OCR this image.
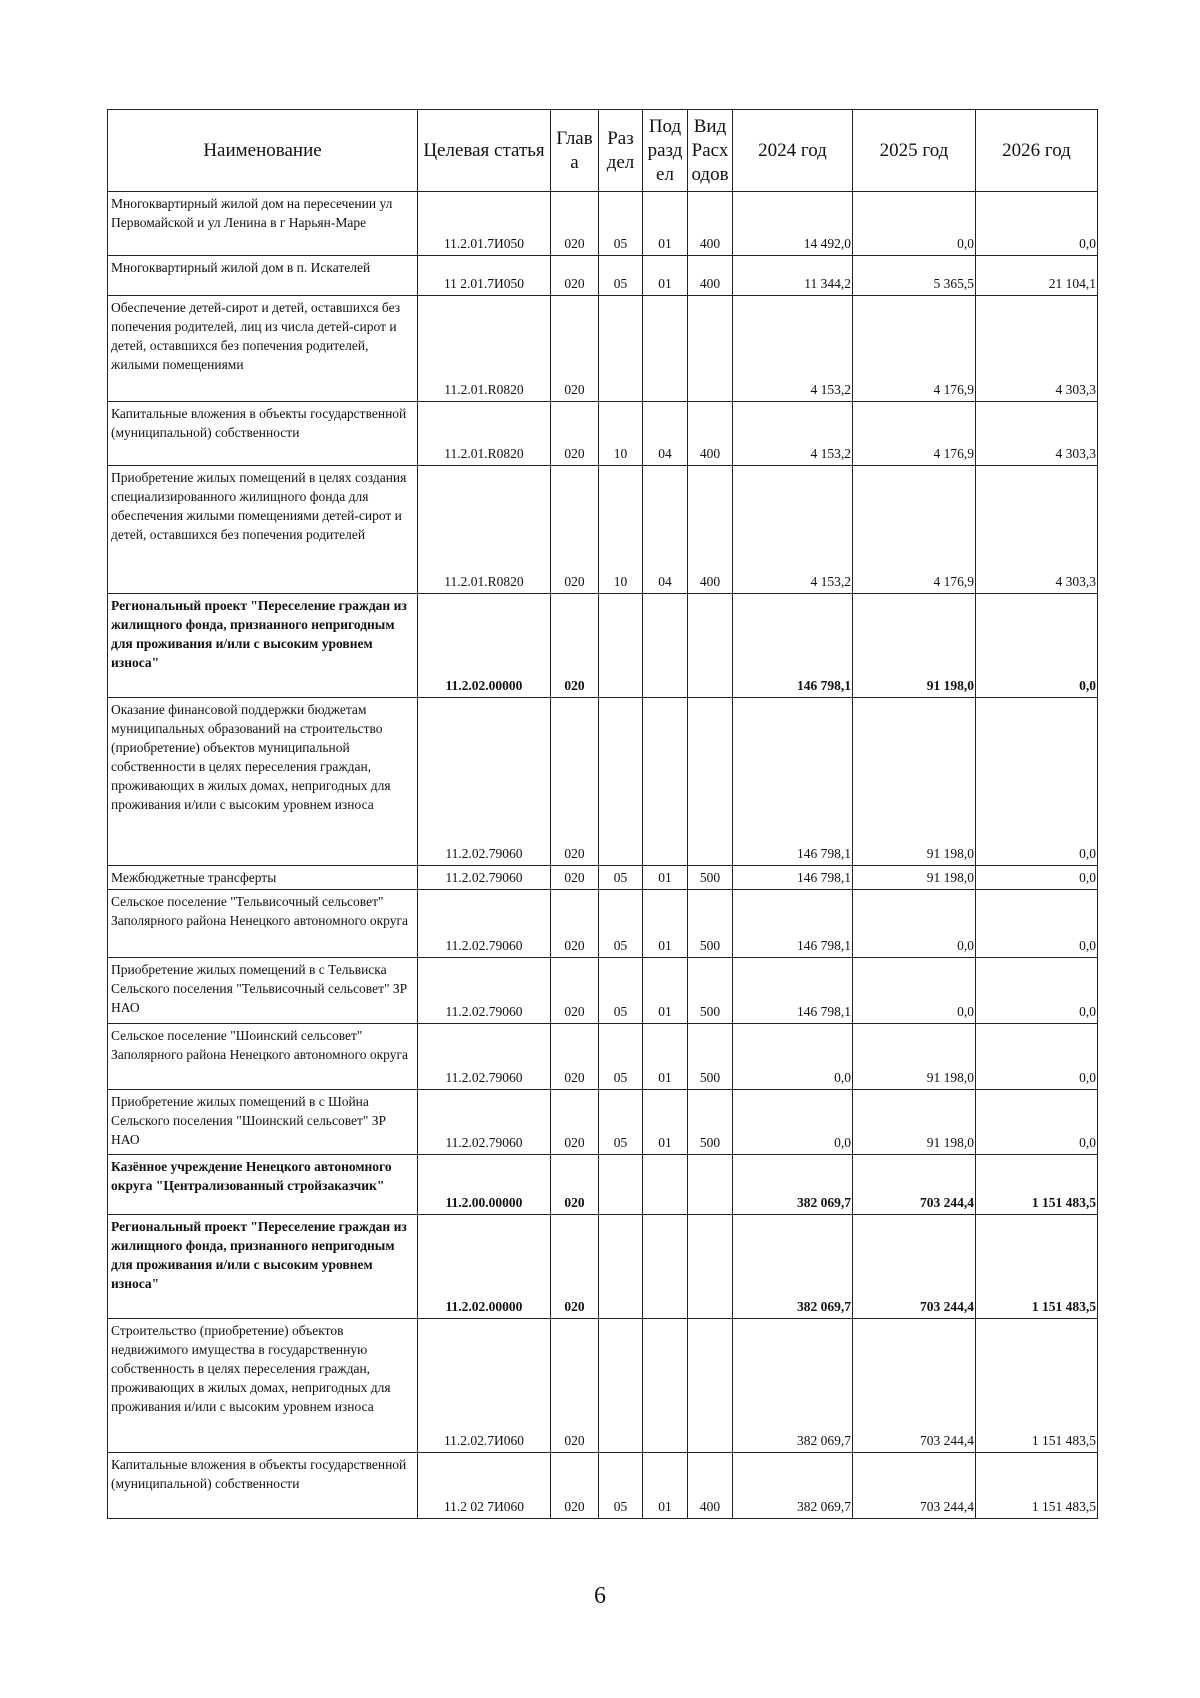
Наименование	Целевая статья	Глав а	Раз дел	Под разд ел	Вид Расх одов	2024 год	2025 год	2026 год
Многоквартирный жилой дом на пересечении ул Первомайской и ул Ленина в г Нарьян-Маре	11.2.01.7И050	020	05	01	400	14 492,0	0,0	0,0
Многоквартирный жилой дом в п. Искателей	11 2.01.7И050	020	05	01	400	11 344,2	5 365,5	21 104,1
Обеспечение детей-сирот и детей, оставшихся без попечения родителей, лиц из числа детей-сирот и детей, оставшихся без попечения родителей, жилыми помещениями	11.2.01.R0820	020				4 153,2	4 176,9	4 303,3
Капитальные вложения в объекты государственной (муниципальной) собственности	11.2.01.R0820	020	10	04	400	4 153,2	4 176,9	4 303,3
Приобретение жилых помещений в целях создания специализированного жилищного фонда для обеспечения жилыми помещениями детей-сирот и детей, оставшихся без попечения родителей	11.2.01.R0820	020	10	04	400	4 153,2	4 176,9	4 303,3
Региональный проект "Переселение граждан из жилищного фонда, признанного непригодным для проживания и/или с высоким уровнем износа"	11.2.02.00000	020				146 798,1	91 198,0	0,0
Оказание финансовой поддержки бюджетам муниципальных образований на строительство (приобретение) объектов муниципальной собственности в целях переселения граждан, проживающих в жилых домах, непригодных для проживания и/или с высоким уровнем износа	11.2.02.79060	020				146 798,1	91 198,0	0,0
Межбюджетные трансферты	11.2.02.79060	020	05	01	500	146 798,1	91 198,0	0,0
Сельское поселение "Тельвисочный сельсовет" Заполярного района Ненецкого автономного округа	11.2.02.79060	020	05	01	500	146 798,1	0,0	0,0
Приобретение жилых помещений в с Тельвиска Сельского поселения "Тельвисочный сельсовет" ЗР НАО	11.2.02.79060	020	05	01	500	146 798,1	0,0	0,0
Сельское поселение "Шоинский сельсовет" Заполярного района Ненецкого автономного округа	11.2.02.79060	020	05	01	500	0,0	91 198,0	0,0
Приобретение жилых помещений в с Шойна Сельского поселения "Шоинский сельсовет" ЗР НАО	11.2.02.79060	020	05	01	500	0,0	91 198,0	0,0
Казённое учреждение Ненецкого автономного округа "Централизованный стройзаказчик"	11.2.00.00000	020				382 069,7	703 244,4	1 151 483,5
Региональный проект "Переселение граждан из жилищного фонда, признанного непригодным для проживания и/или с высоким уровнем износа"	11.2.02.00000	020				382 069,7	703 244,4	1 151 483,5
Строительство (приобретение) объектов недвижимого имущества в государственную собственность в целях переселения граждан, проживающих в жилых домах, непригодных для проживания и/или с высоким уровнем износа	11.2.02.7И060	020				382 069,7	703 244,4	1 151 483,5
Капитальные вложения в объекты государственной (муниципальной) собственности	11.2 02 7И060	020	05	01	400	382 069,7	703 244,4	1 151 483,5
6
